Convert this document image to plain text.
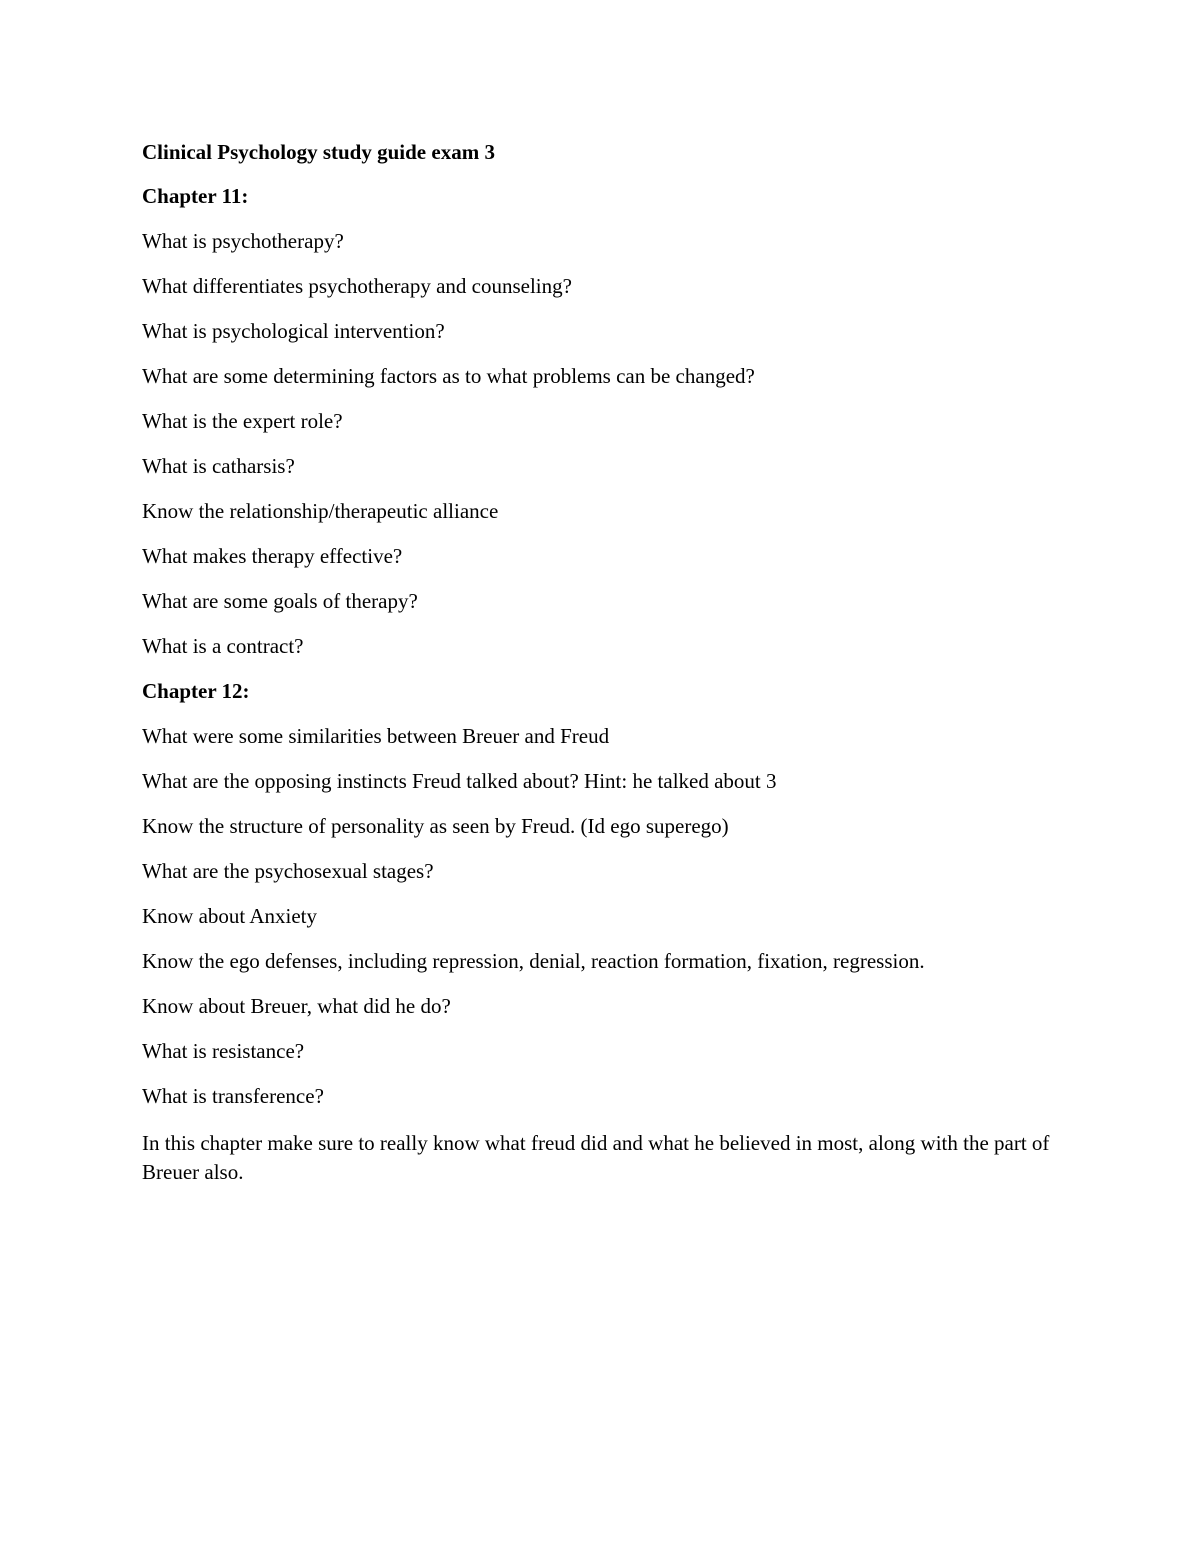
Clinical Psychology study guide exam 3

Chapter 11:

What is psychotherapy?

What differentiates psychotherapy and counseling?

What is psychological intervention?

What are some determining factors as to what problems can be changed?

What is the expert role?

What is catharsis?

Know the relationship/therapeutic alliance

What makes therapy effective?

What are some goals of therapy?

What is a contract?

Chapter 12:

What were some similarities between Breuer and Freud

What are the opposing instincts Freud talked about? Hint: he talked about 3

Know the structure of personality as seen by Freud. (Id ego superego)

What are the psychosexual stages?

Know about Anxiety

Know the ego defenses, including repression, denial, reaction formation, fixation, regression.

Know about Breuer, what did he do?

What is resistance?

What is transference?

In this chapter make sure to really know what freud did and what he believed in most, along with the part of Breuer also.
